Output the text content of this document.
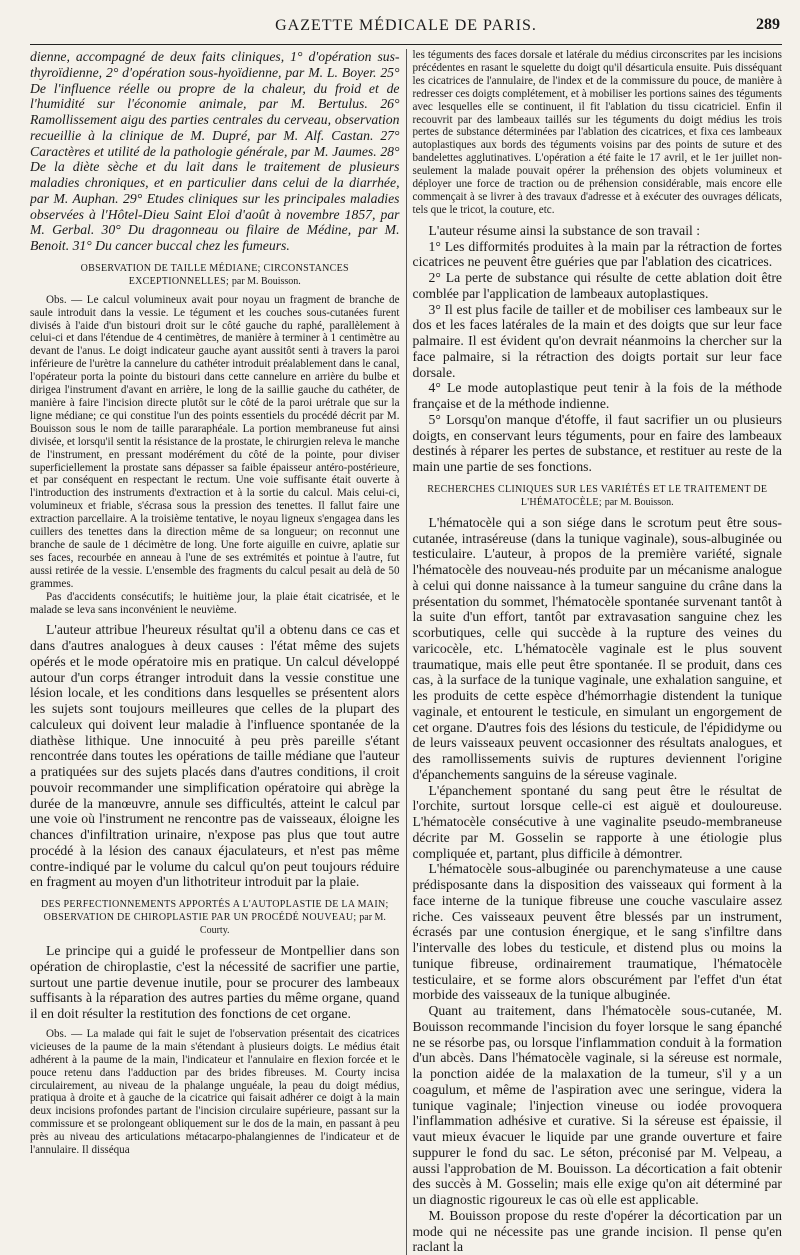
GAZETTE MÉDICALE DE PARIS.	289

dienne, accompagné de deux faits cliniques, 1° d'opération sus-thyroïdienne, 2° d'opération sous-hyoïdienne, par M. L. Boyer. 25° De l'influence réelle ou propre de la chaleur, du froid et de l'humidité sur l'économie animale, par M. Bertulus. 26° Ramollissement aigu des parties centrales du cerveau, observation recueillie à la clinique de M. Dupré, par M. Alf. Castan. 27° Caractères et utilité de la pathologie générale, par M. Jaumes. 28° De la diète sèche et du lait dans le traitement de plusieurs maladies chroniques, et en particulier dans celui de la diarrhée, par M. Auphan. 29° Etudes cliniques sur les principales maladies observées à l'Hôtel-Dieu Saint Eloi d'août à novembre 1857, par M. Gerbal. 30° Du dragonneau ou filaire de Médine, par M. Benoit. 31° Du cancer buccal chez les fumeurs.

OBSERVATION DE TAILLE MÉDIANE; CIRCONSTANCES EXCEPTIONNELLES; par M. Bouisson.

Obs. — Le calcul volumineux avait pour noyau un fragment de branche de saule introduit dans la vessie. Le tégument et les couches sous-cutanées furent divisés à l'aide d'un bistouri droit sur le côté gauche du raphé, parallèlement à celui-ci et dans l'étendue de 4 centimètres, de manière à terminer à 1 centimètre au devant de l'anus. Le doigt indicateur gauche ayant aussitôt senti à travers la paroi inférieure de l'urètre la cannelure du cathéter introduit préalablement dans le canal, l'opérateur porta la pointe du bistouri dans cette cannelure en arrière du bulbe et dirigea l'instrument d'avant en arrière, le long de la saillie gauche du cathéter, de manière à faire l'incision directe plutôt sur le côté de la paroi urétrale que sur la ligne médiane; ce qui constitue l'un des points essentiels du procédé décrit par M. Bouisson sous le nom de taille pararaphéale. La portion membraneuse fut ainsi divisée, et lorsqu'il sentit la résistance de la prostate, le chirurgien releva le manche de l'instrument, en pressant modérément du côté de la pointe, pour diviser superficiellement la prostate sans dépasser sa faible épaisseur antéro-postérieure, et par conséquent en respectant le rectum. Une voie suffisante était ouverte à l'introduction des instruments d'extraction et à la sortie du calcul. Mais celui-ci, volumineux et friable, s'écrasa sous la pression des tenettes. Il fallut faire une extraction parcellaire. A la troisième tentative, le noyau ligneux s'engagea dans les cuillers des tenettes dans la direction même de sa longueur; on reconnut une branche de saule de 1 décimètre de long. Une forte aiguille en cuivre, aplatie sur ses faces, recourbée en anneau à l'une de ses extrémités et pointue à l'autre, fut aussi retirée de la vessie. L'ensemble des fragments du calcul pesait au delà de 50 grammes.

Pas d'accidents consécutifs; le huitième jour, la plaie était cicatrisée, et le malade se leva sans inconvénient le neuvième.

L'auteur attribue l'heureux résultat qu'il a obtenu dans ce cas et dans d'autres analogues à deux causes : l'état même des sujets opérés et le mode opératoire mis en pratique. Un calcul développé autour d'un corps étranger introduit dans la vessie constitue une lésion locale, et les conditions dans lesquelles se présentent alors les sujets sont toujours meilleures que celles de la plupart des calculeux qui doivent leur maladie à l'influence spontanée de la diathèse lithique. Une innocuité à peu près pareille s'étant rencontrée dans toutes les opérations de taille médiane que l'auteur a pratiquées sur des sujets placés dans d'autres conditions, il croit pouvoir recommander une simplification opératoire qui abrège la durée de la manœuvre, annule ses difficultés, atteint le calcul par une voie où l'instrument ne rencontre pas de vaisseaux, éloigne les chances d'infiltration urinaire, n'expose pas plus que tout autre procédé à la lésion des canaux éjaculateurs, et n'est pas même contre-indiqué par le volume du calcul qu'on peut toujours réduire en fragment au moyen d'un lithotriteur introduit par la plaie.

DES PERFECTIONNEMENTS APPORTÉS A L'AUTOPLASTIE DE LA MAIN; OBSERVATION DE CHIROPLASTIE PAR UN PROCÉDÉ NOUVEAU; par M. Courty.

Le principe qui a guidé le professeur de Montpellier dans son opération de chiroplastie, c'est la nécessité de sacrifier une partie, surtout une partie devenue inutile, pour se procurer des lambeaux suffisants à la réparation des autres parties du même organe, quand il en doit résulter la restitution des fonctions de cet organe.

Obs. — La malade qui fait le sujet de l'observation présentait des cicatrices vicieuses de la paume de la main s'étendant à plusieurs doigts. Le médius était adhérent à la paume de la main, l'indicateur et l'annulaire en flexion forcée et le pouce retenu dans l'adduction par des brides fibreuses. M. Courty incisa circulairement, au niveau de la phalange unguéale, la peau du doigt médius, pratiqua à droite et à gauche de la cicatrice qui faisait adhérer ce doigt à la main deux incisions profondes partant de l'incision circulaire supérieure, passant sur la commissure et se prolongeant obliquement sur le dos de la main, en passant à peu près au niveau des articulations métacarpo-phalangiennes de l'indicateur et de l'annulaire. Il disséqua

les téguments des faces dorsale et latérale du médius circonscrites par les incisions précédentes en rasant le squelette du doigt qu'il désarticula ensuite. Puis disséquant les cicatrices de l'annulaire, de l'index et de la commissure du pouce, de manière à redresser ces doigts complétement, et à mobiliser les portions saines des téguments avec lesquelles elle se continuent, il fit l'ablation du tissu cicatriciel. Enfin il recouvrit par des lambeaux taillés sur les téguments du doigt médius les trois pertes de substance déterminées par l'ablation des cicatrices, et fixa ces lambeaux autoplastiques aux bords des téguments voisins par des points de suture et des bandelettes agglutinatives. L'opération a été faite le 17 avril, et le 1er juillet non-seulement la malade pouvait opérer la préhension des objets volumineux et déployer une force de traction ou de préhension considérable, mais encore elle commençait à se livrer à des travaux d'adresse et à exécuter des ouvrages délicats, tels que le tricot, la couture, etc.

L'auteur résume ainsi la substance de son travail :

1° Les difformités produites à la main par la rétraction de fortes cicatrices ne peuvent être guéries que par l'ablation des cicatrices.

2° La perte de substance qui résulte de cette ablation doit être comblée par l'application de lambeaux autoplastiques.

3° Il est plus facile de tailler et de mobiliser ces lambeaux sur le dos et les faces latérales de la main et des doigts que sur leur face palmaire. Il est évident qu'on devrait néanmoins la chercher sur la face palmaire, si la rétraction des doigts portait sur leur face dorsale.

4° Le mode autoplastique peut tenir à la fois de la méthode française et de la méthode indienne.

5° Lorsqu'on manque d'étoffe, il faut sacrifier un ou plusieurs doigts, en conservant leurs téguments, pour en faire des lambeaux destinés à réparer les pertes de substance, et restituer au reste de la main une partie de ses fonctions.

RECHERCHES CLINIQUES SUR LES VARIÉTÉS ET LE TRAITEMENT DE L'HÉMATOCÈLE; par M. Bouisson.

L'hématocèle qui a son siége dans le scrotum peut être sous-cutanée, intraséreuse (dans la tunique vaginale), sous-albuginée ou testiculaire. L'auteur, à propos de la première variété, signale l'hématocèle des nouveau-nés produite par un mécanisme analogue à celui qui donne naissance à la tumeur sanguine du crâne dans la présentation du sommet, l'hématocèle spontanée survenant tantôt à la suite d'un effort, tantôt par extravasation sanguine chez les scorbutiques, celle qui succède à la rupture des veines du varicocèle, etc. L'hématocèle vaginale est le plus souvent traumatique, mais elle peut être spontanée. Il se produit, dans ces cas, à la surface de la tunique vaginale, une exhalation sanguine, et les produits de cette espèce d'hémorrhagie distendent la tunique vaginale, et entourent le testicule, en simulant un engorgement de cet organe. D'autres fois des lésions du testicule, de l'épididyme ou de leurs vaisseaux peuvent occasionner des résultats analogues, et des ramollissements suivis de ruptures deviennent l'origine d'épanchements sanguins de la séreuse vaginale.

L'épanchement spontané du sang peut être le résultat de l'orchite, surtout lorsque celle-ci est aiguë et douloureuse. L'hématocèle consécutive à une vaginalite pseudo-membraneuse décrite par M. Gosselin se rapporte à une étiologie plus compliquée et, partant, plus difficile à démontrer.

L'hématocèle sous-albuginée ou parenchymateuse a une cause prédisposante dans la disposition des vaisseaux qui forment à la face interne de la tunique fibreuse une couche vasculaire assez riche. Ces vaisseaux peuvent être blessés par un instrument, écrasés par une contusion énergique, et le sang s'infiltre dans l'intervalle des lobes du testicule, et distend plus ou moins la tunique fibreuse, ordinairement traumatique, l'hématocèle testiculaire, et se forme alors obscurément par l'effet d'un état morbide des vaisseaux de la tunique albuginée.

Quant au traitement, dans l'hématocèle sous-cutanée, M. Bouisson recommande l'incision du foyer lorsque le sang épanché ne se résorbe pas, ou lorsque l'inflammation conduit à la formation d'un abcès. Dans l'hématocèle vaginale, si la séreuse est normale, la ponction aidée de la malaxation de la tumeur, s'il y a un coagulum, et même de l'aspiration avec une seringue, videra la tunique vaginale; l'injection vineuse ou iodée provoquera l'inflammation adhésive et curative. Si la séreuse est épaissie, il vaut mieux évacuer le liquide par une grande ouverture et faire suppurer le fond du sac. Le séton, préconisé par M. Velpeau, a aussi l'approbation de M. Bouisson. La décortication a fait obtenir des succès à M. Gosselin; mais elle exige qu'on ait déterminé par un diagnostic rigoureux le cas où elle est applicable.

M. Bouisson propose du reste d'opérer la décortication par un mode qui ne nécessite pas une grande incision. Il pense qu'en raclant la
